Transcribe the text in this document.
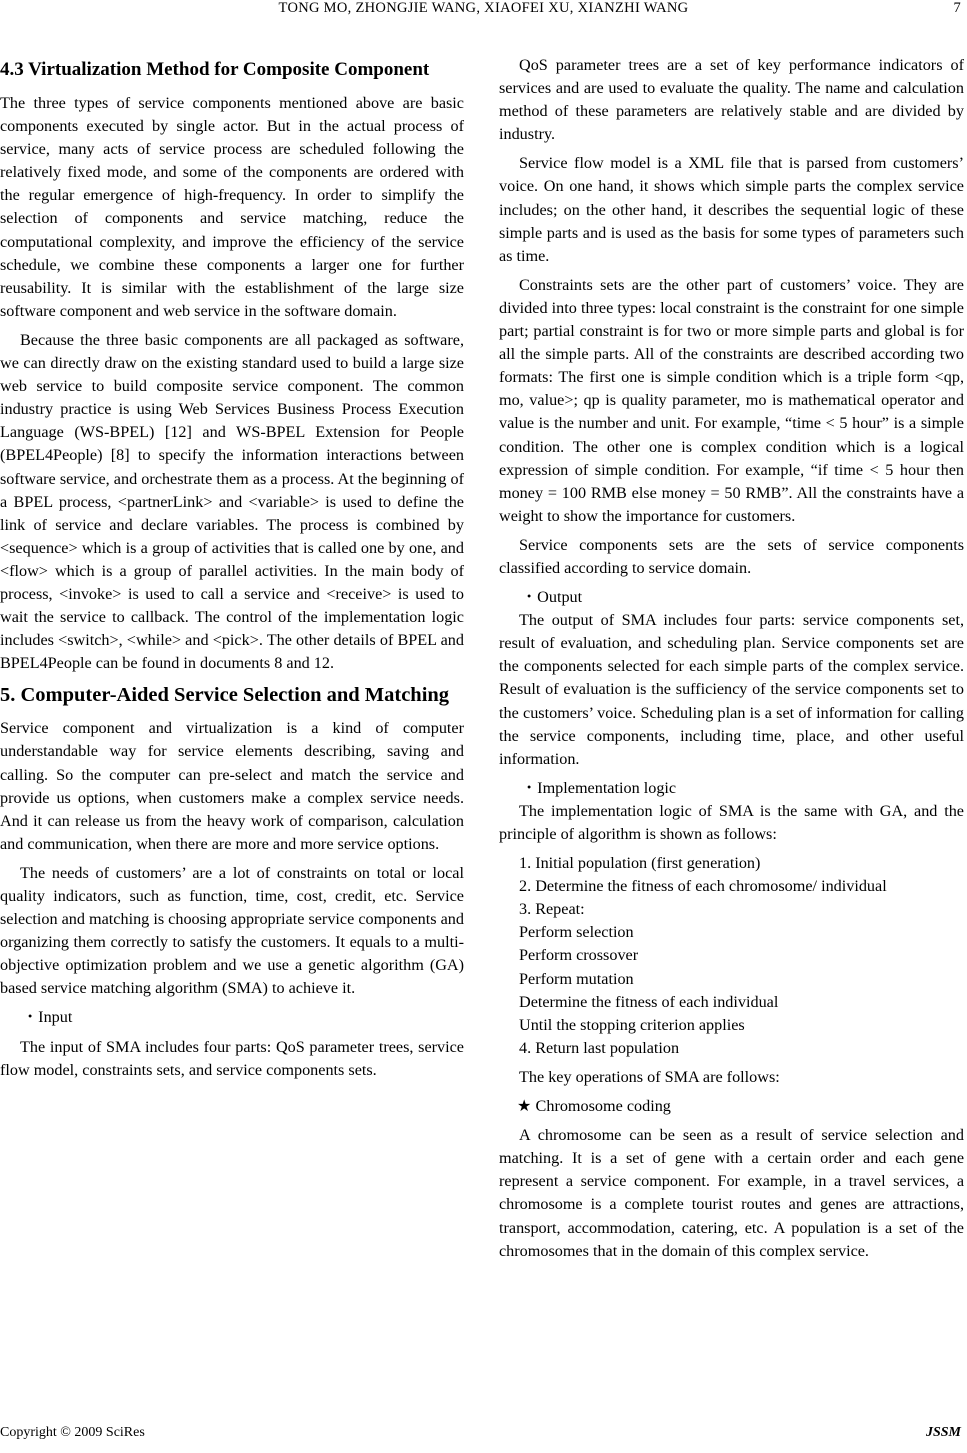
TONG MO, ZHONGJIE WANG, XIAOFEI XU, XIANZHI WANG	7
4.3 Virtualization Method for Composite Component

The three types of service components mentioned above are basic components executed by single actor. But in the actual process of service, many acts of service process are scheduled following the relatively fixed mode, and some of the components are ordered with the regular emergence of high-frequency. In order to simplify the selection of components and service matching, reduce the computational complexity, and improve the efficiency of the service schedule, we combine these components a larger one for further reusability. It is similar with the establishment of the large size software component and web service in the software domain.

Because the three basic components are all packaged as software, we can directly draw on the existing standard used to build a large size web service to build composite service component. The common industry practice is using Web Services Business Process Execution Language (WS-BPEL) [12] and WS-BPEL Extension for People (BPEL4People) [8] to specify the information interactions between software service, and orchestrate them as a process. At the beginning of a BPEL process, <partnerLink> and <variable> is used to define the link of service and declare variables. The process is combined by <sequence> which is a group of activities that is called one by one, and <flow> which is a group of parallel activities. In the main body of process, <invoke> is used to call a service and <receive> is used to wait the service to callback. The control of the implementation logic includes <switch>, <while> and <pick>. The other details of BPEL and BPEL4People can be found in documents 8 and 12.

5. Computer-Aided Service Selection and Matching

Service component and virtualization is a kind of computer understandable way for service elements describing, saving and calling. So the computer can pre-select and match the service and provide us options, when customers make a complex service needs. And it can release us from the heavy work of comparison, calculation and communication, when there are more and more service options.

The needs of customers’ are a lot of constraints on total or local quality indicators, such as function, time, cost, credit, etc. Service selection and matching is choosing appropriate service components and organizing them correctly to satisfy the customers. It equals to a multi-objective optimization problem and we use a genetic algorithm (GA) based service matching algorithm (SMA) to achieve it.

・Input

The input of SMA includes four parts: QoS parameter trees, service flow model, constraints sets, and service components sets.

QoS parameter trees are a set of key performance indicators of services and are used to evaluate the quality. The name and calculation method of these parameters are relatively stable and are divided by industry.

Service flow model is a XML file that is parsed from customers’ voice. On one hand, it shows which simple parts the complex service includes; on the other hand, it describes the sequential logic of these simple parts and is used as the basis for some types of parameters such as time.

Constraints sets are the other part of customers’ voice. They are divided into three types: local constraint is the constraint for one simple part; partial constraint is for two or more simple parts and global is for all the simple parts. All of the constraints are described according two formats: The first one is simple condition which is a triple form <qp, mo, value>; qp is quality parameter, mo is mathematical operator and value is the number and unit. For example, “time < 5 hour” is a simple condition. The other one is complex condition which is a logical expression of simple condition. For example, “if time < 5 hour then money = 100 RMB else money = 50 RMB”. All the constraints have a weight to show the importance for customers.

Service components sets are the sets of service components classified according to service domain.

・Output

The output of SMA includes four parts: service components set, result of evaluation, and scheduling plan. Service components set are the components selected for each simple parts of the complex service. Result of evaluation is the sufficiency of the service components set to the customers’ voice. Scheduling plan is a set of information for calling the service components, including time, place, and other useful information.

・Implementation logic

The implementation logic of SMA is the same with GA, and the principle of algorithm is shown as follows:

1. Initial population (first generation)
2. Determine the fitness of each chromosome/ individual
3. Repeat:
Perform selection
Perform crossover
Perform mutation
Determine the fitness of each individual
Until the stopping criterion applies
4. Return last population

The key operations of SMA are follows:

★ Chromosome coding

A chromosome can be seen as a result of service selection and matching. It is a set of gene with a certain order and each gene represent a service component. For example, in a travel services, a chromosome is a complete tourist routes and genes are attractions, transport, accommodation, catering, etc. A population is a set of the chromosomes that in the domain of this complex service.

Copyright © 2009 SciRes	JSSM
